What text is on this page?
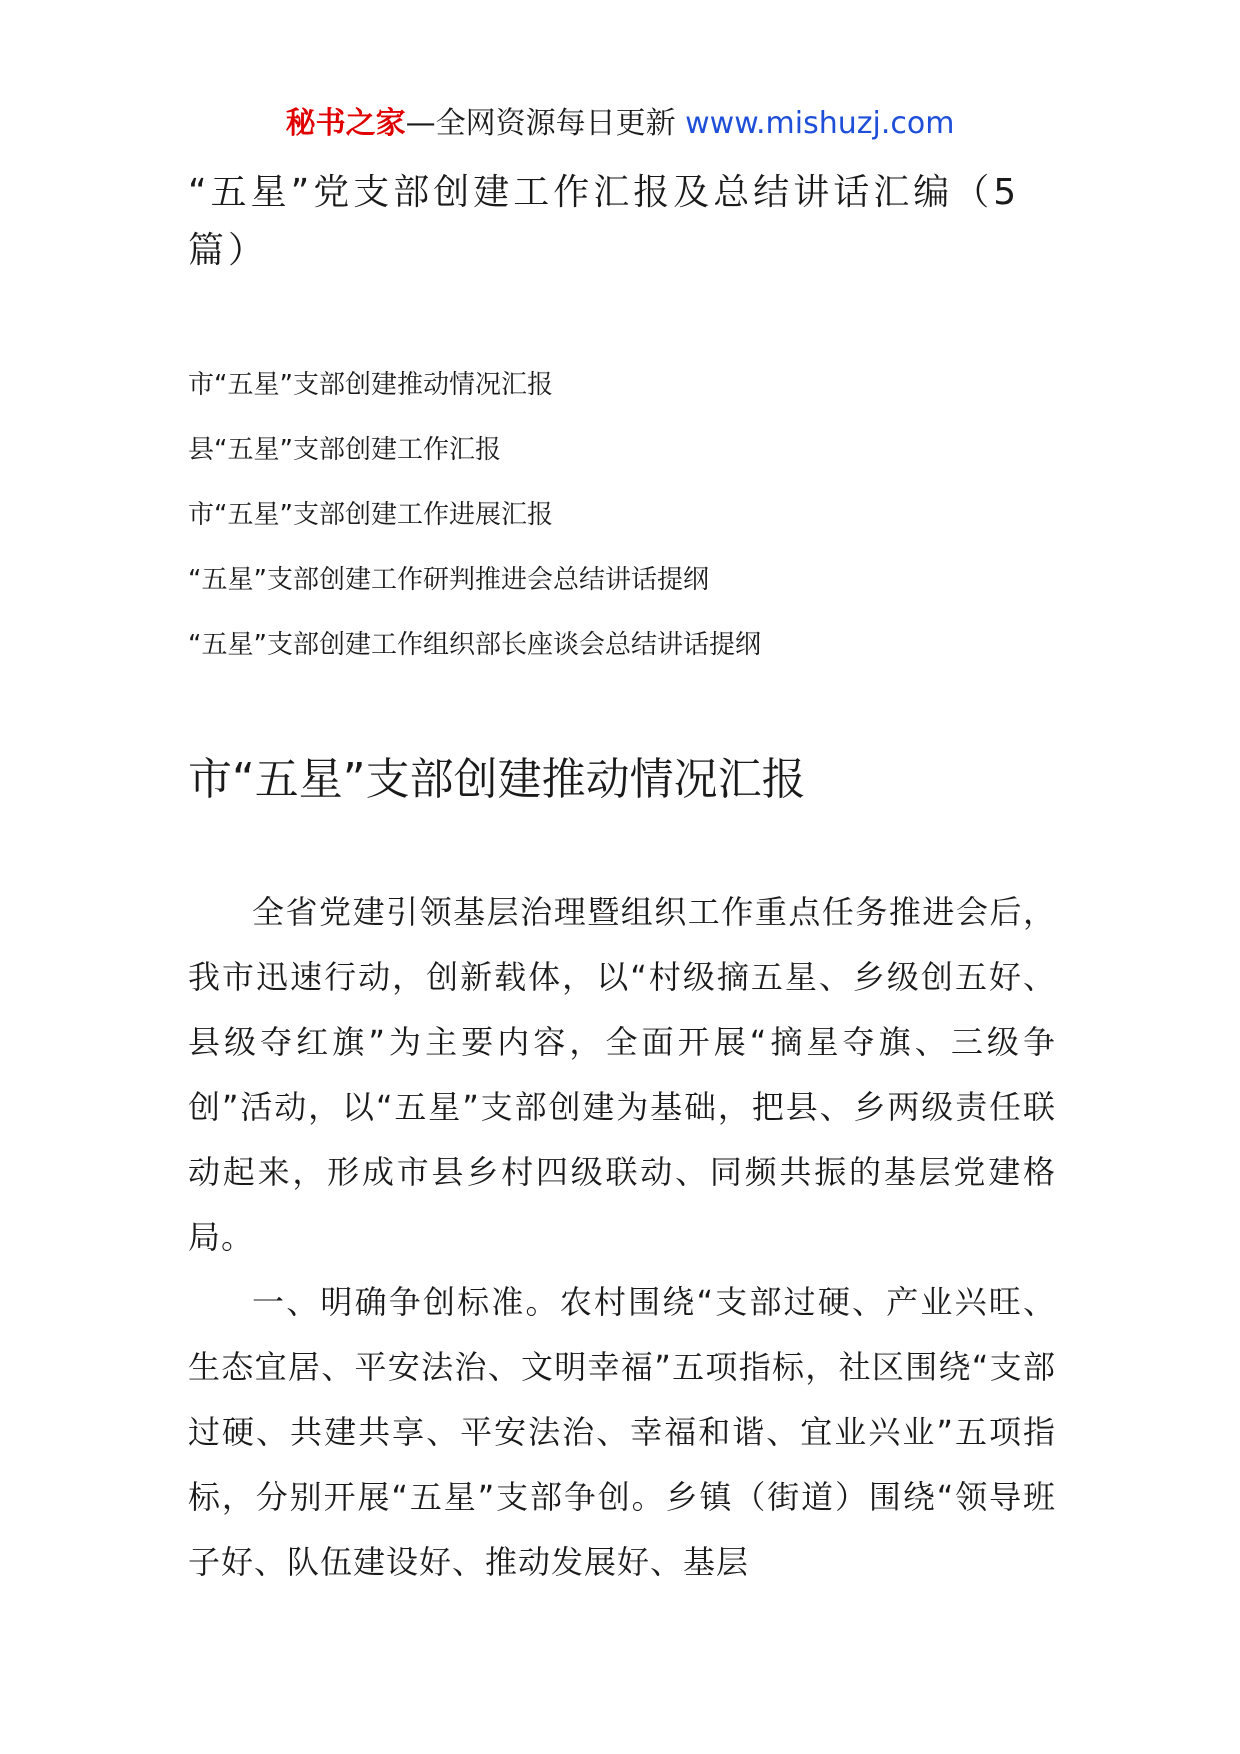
秘书之家—全网资源每日更新 www.mishuzj.com
“五星”党支部创建工作汇报及总结讲话汇编（5篇）
市“五星”支部创建推动情况汇报
县“五星”支部创建工作汇报
市“五星”支部创建工作进展汇报
“五星”支部创建工作研判推进会总结讲话提纲
“五星”支部创建工作组织部长座谈会总结讲话提纲
市“五星”支部创建推动情况汇报

全省党建引领基层治理暨组织工作重点任务推进会后，我市迅速行动，创新载体，以“村级摘五星、乡级创五好、县级夺红旗”为主要内容，全面开展“摘星夺旗、三级争创”活动，以“五星”支部创建为基础，把县、乡两级责任联动起来，形成市县乡村四级联动、同频共振的基层党建格局。

一、明确争创标准。农村围绕“支部过硬、产业兴旺、生态宜居、平安法治、文明幸福”五项指标，社区围绕“支部过硬、共建共享、平安法治、幸福和谐、宜业兴业”五项指标，分别开展“五星”支部争创。乡镇（街道）围绕“领导班子好、队伍建设好、推动发展好、基层
